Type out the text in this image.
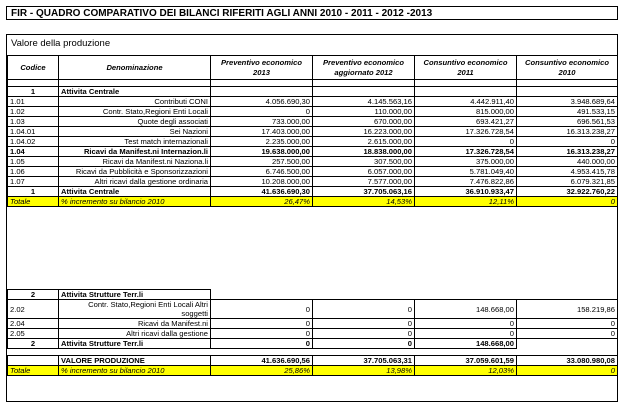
FIR - QUADRO COMPARATIVO DEI BILANCI RIFERITI AGLI ANNI 2010 - 2011 - 2012 -2013
Valore della produzione
Codice	Denominazione	Preventivo economico 2013	Preventivo economico aggiornato 2012	Consuntivo economico 2011	Consuntivo economico 2010

1	Attivita Centrale				
1.01	Contributi CONI	4.056.690,30	4.145.563,16	4.442.911,40	3.948.689,64
1.02	Contr. Stato,Regioni Enti Locali	0	110.000,00	815.000,00	491.533,15
1.03	Quote degli associati	733.000,00	670.000,00	693.421,27	696.561,53
1.04.01	Sei Nazioni	17.403.000,00	16.223.000,00	17.326.728,54	16.313.238,27
1.04.02	Test match internazionali	2.235.000,00	2.615.000,00	0	0
1.04	Ricavi da Manifest.ni Internazion.li	19.638.000,00	18.838.000,00	17.326.728,54	16.313.238,27
1.05	Ricavi da Manifest.ni Naziona.li	257.500,00	307.500,00	375.000,00	440.000,00
1.06	Ricavi da Pubblicità e Sponsorizzazioni	6.746.500,00	6.057.000,00	5.781.049,40	4.953.415,78
1.07	Altri ricavi dalla gestione ordinaria	10.208.000,00	7.577.000,00	7.476.822,86	6.079.321,85
1	Attivita Centrale	41.636.690,30	37.705.063,16	36.910.933,47	32.922.760,22
Totale	% incremento su bilancio 2010	26,47%	14,53%	12,11%	0
2	Attivita Strutture Terr.li				
2.02	Contr. Stato,Regioni Enti Locali Altri soggetti	0	0	148.668,00	158.219,86
2.04	Ricavi da Manifest.ni	0	0	0	0
2.05	Altri ricavi dalla gestione	0	0	0	0
2	Attivita Strutture Terr.li	0	0	148.668,00	

	VALORE PRODUZIONE	41.636.690,56	37.705.063,31	37.059.601,59	33.080.980,08
Totale	% incremento su bilancio 2010	25,86%	13,98%	12,03%	0
